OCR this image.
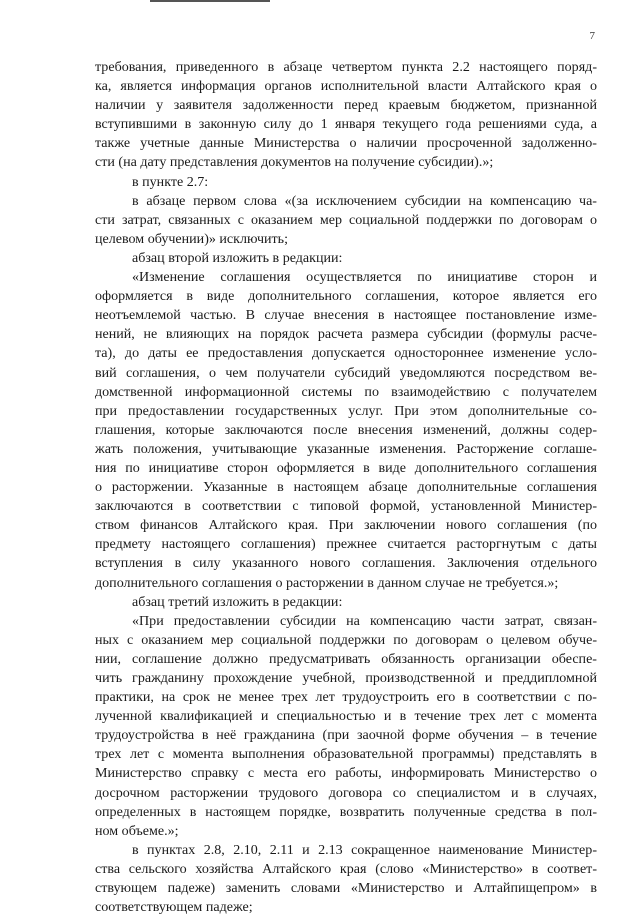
7
требования, приведенного в абзаце четвертом пункта 2.2 настоящего поряд-
ка, является информация органов исполнительной власти Алтайского края о
наличии у заявителя задолженности перед краевым бюджетом, признанной
вступившими в законную силу до 1 января текущего года решениями суда, а
также учетные данные Министерства о наличии просроченной задолженно-
сти (на дату представления документов на получение субсидии).»;
в пункте 2.7:
в абзаце первом слова «(за исключением субсидии на компенсацию ча-
сти затрат, связанных с оказанием мер социальной поддержки по договорам о
целевом обучении)» исключить;
абзац второй изложить в редакции:
«Изменение соглашения осуществляется по инициативе сторон и
оформляется в виде дополнительного соглашения, которое является его
неотъемлемой частью. В случае внесения в настоящее постановление изме-
нений, не влияющих на порядок расчета размера субсидии (формулы расче-
та), до даты ее предоставления допускается одностороннее изменение усло-
вий соглашения, о чем получатели субсидий уведомляются посредством ве-
домственной информационной системы по взаимодействию с получателем
при предоставлении государственных услуг. При этом дополнительные со-
глашения, которые заключаются после внесения изменений, должны содер-
жать положения, учитывающие указанные изменения. Расторжение соглаше-
ния по инициативе сторон оформляется в виде дополнительного соглашения
о расторжении. Указанные в настоящем абзаце дополнительные соглашения
заключаются в соответствии с типовой формой, установленной Министер-
ством финансов Алтайского края. При заключении нового соглашения (по
предмету настоящего соглашения) прежнее считается расторгнутым с даты
вступления в силу указанного нового соглашения. Заключения отдельного
дополнительного соглашения о расторжении в данном случае не требуется.»;
абзац третий изложить в редакции:
«При предоставлении субсидии на компенсацию части затрат, связан-
ных с оказанием мер социальной поддержки по договорам о целевом обуче-
нии, соглашение должно предусматривать обязанность организации обеспе-
чить гражданину прохождение учебной, производственной и преддипломной
практики, на срок не менее трех лет трудоустроить его в соответствии с по-
лученной квалификацией и специальностью и в течение трех лет с момента
трудоустройства в неё гражданина (при заочной форме обучения – в течение
трех лет с момента выполнения образовательной программы) представлять в
Министерство справку с места его работы, информировать Министерство о
досрочном расторжении трудового договора со специалистом и в случаях,
определенных в настоящем порядке, возвратить полученные средства в пол-
ном объеме.»;
в пунктах 2.8, 2.10, 2.11 и 2.13 сокращенное наименование Министер-
ства сельского хозяйства Алтайского края (слово «Министерство» в соответ-
ствующем падеже) заменить словами «Министерство и Алтайпищепром» в
соответствующем падеже;
